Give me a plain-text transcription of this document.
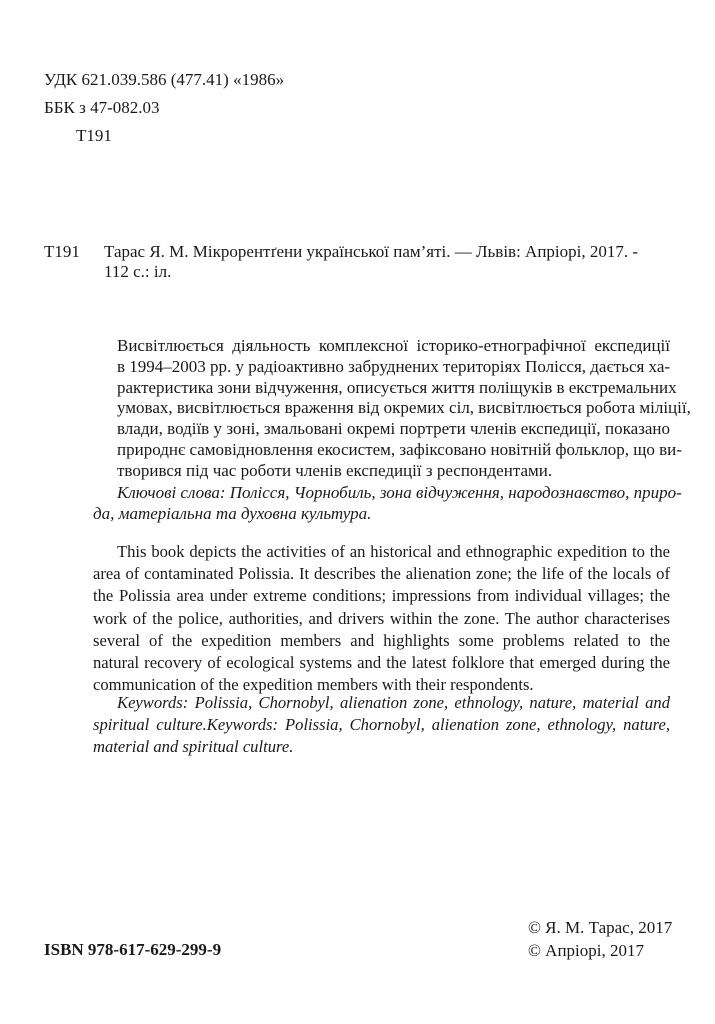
УДК 621.039.586 (477.41) «1986»
ББК з 47-082.03
Т191
Т191 Тарас Я. М. Мікрорентґени української пам’яті. — Львів: Апріорі, 2017. -
112 с.: іл.
Висвітлюється діяльность комплексної історико-етнографічної експедиції
в 1994–2003 рр. у радіоактивно забруднених територіях Полісся, дається ха-
рактеристика зони відчуження, описується життя поліщуків в екстремальних
умовах, висвітлюється враження від окремих сіл, висвітлюється робота міліції,
влади, водіїв у зоні, змальовані окремі портрети членів експедиції, показано
природнє самовідновлення екосистем, зафіксовано новітній фольклор, що ви-
творився під час роботи членів експедиції з респондентами.
Ключові слова: Полісся, Чорнобиль, зона відчуження, народознавство, приро-
да, матеріальна та духовна культура.
This book depicts the activities of an historical and ethnographic expedition to the
area of contaminated Polissia. It describes the alienation zone; the life of the locals of
the Polissia area under extreme conditions; impressions from individual villages; the
work of the police, authorities, and drivers within the zone. The author characterises
several of the expedition members and highlights some problems related to the
natural recovery of ecological systems and the latest folklore that emerged during the
communication of the expedition members with their respondents.
Keywords: Polissia, Chornobyl, alienation zone, ethnology, nature, material and
spiritual culture.Keywords: Polissia, Chornobyl, alienation zone, ethnology, nature,
material and spiritual culture.
ISBN 978-617-629-299-9
© Я. М. Тарас, 2017
© Апріорі, 2017
